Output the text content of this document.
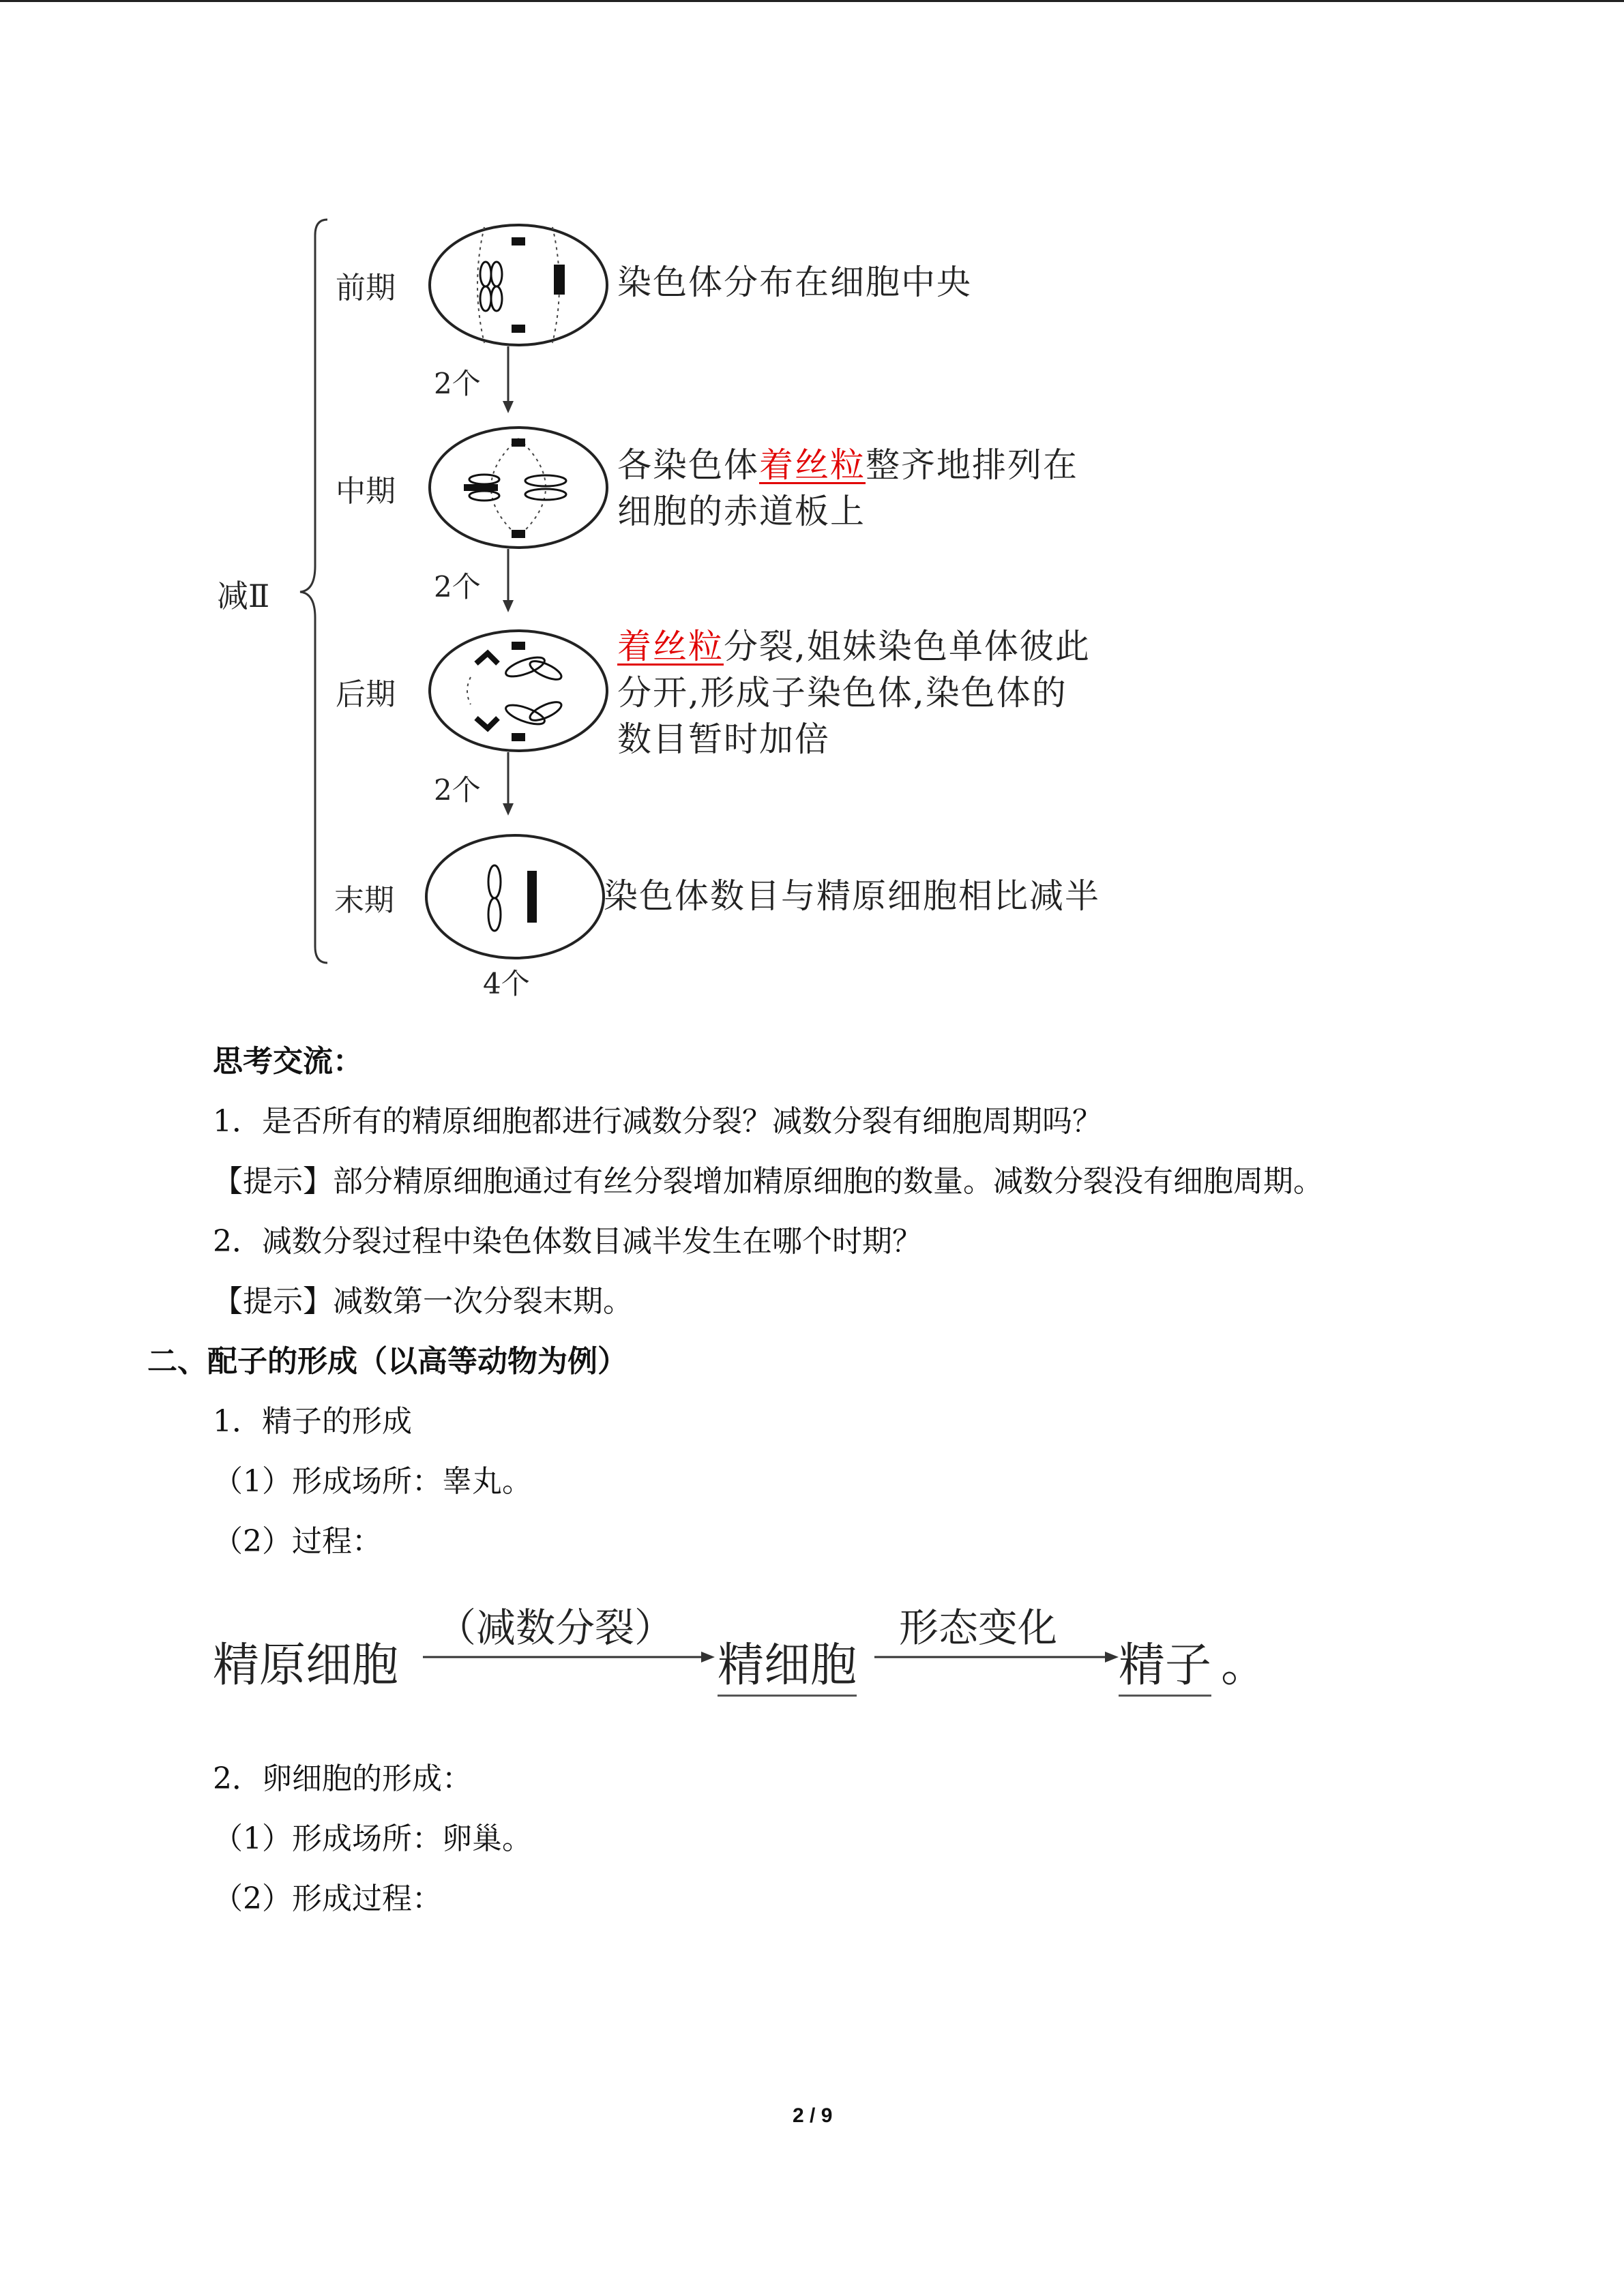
前期
中期
后期
末期
减Ⅱ
2个
2个
2个
4个
染色体分布在细胞中央
各染色体着丝粒整齐地排列在
细胞的赤道板上
着丝粒分裂,姐妹染色单体彼此
分开,形成子染色体,染色体的
数目暂时加倍
染色体数目与精原细胞相比减半
思考交流：
1．是否所有的精原细胞都进行减数分裂？减数分裂有细胞周期吗？
【提示】部分精原细胞通过有丝分裂增加精原细胞的数量。减数分裂没有细胞周期。
2．减数分裂过程中染色体数目减半发生在哪个时期？
【提示】减数第一次分裂末期。
二、配子的形成（以高等动物为例）
1．精子的形成
（1）形成场所：睾丸。
（2）过程：
精原细胞
（减数分裂）
精细胞
形态变化
精子 。
2．卵细胞的形成：
（1）形成场所：卵巢。
（2）形成过程：
2 / 9
